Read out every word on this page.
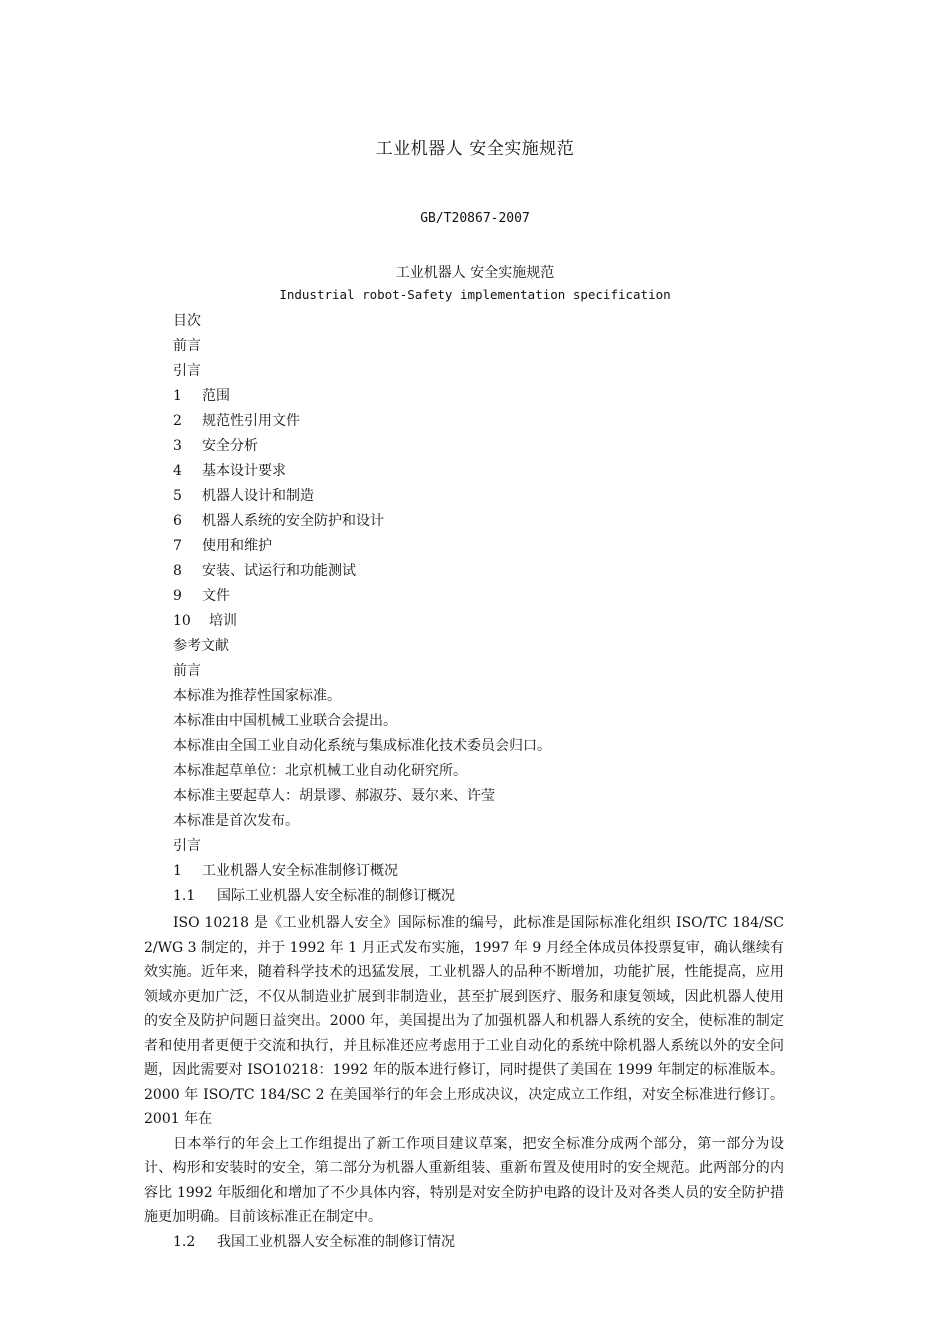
工业机器人 安全实施规范
GB/T20867-2007
工业机器人 安全实施规范
Industrial robot-Safety implementation specification
目次
前言
引言
1 范围
2 规范性引用文件
3 安全分析
4 基本设计要求
5 机器人设计和制造
6 机器人系统的安全防护和设计
7 使用和维护
8 安装、试运行和功能测试
9 文件
10 培训
参考文献
前言
本标准为推荐性国家标准。
本标准由中国机械工业联合会提出。
本标准由全国工业自动化系统与集成标准化技术委员会归口。
本标准起草单位：北京机械工业自动化研究所。
本标准主要起草人：胡景谬、郝淑芬、聂尔来、许莹
本标准是首次发布。
引言
1 工业机器人安全标准制修订概况
1.1 国际工业机器人安全标准的制修订概况
ISO 10218 是《工业机器人安全》国际标准的编号，此标准是国际标准化组织 ISO/TC 184/SC 2/WG 3 制定的，并于 1992 年 1 月正式发布实施，1997 年 9 月经全体成员体投票复审，确认继续有效实施。近年来，随着科学技术的迅猛发展，工业机器人的品种不断增加，功能扩展，性能提高，应用领域亦更加广泛，不仅从制造业扩展到非制造业，甚至扩展到医疗、服务和康复领域，因此机器人使用的安全及防护问题日益突出。2000 年，美国提出为了加强机器人和机器人系统的安全，使标准的制定者和使用者更便于交流和执行，并且标准还应考虑用于工业自动化的系统中除机器人系统以外的安全问题，因此需要对 ISO10218：1992 年的版本进行修订，同时提供了美国在 1999 年制定的标准版本。2000 年 ISO/TC 184/SC 2 在美国举行的年会上形成决议，决定成立工作组，对安全标准进行修订。2001 年在
日本举行的年会上工作组提出了新工作项目建议草案，把安全标准分成两个部分，第一部分为设计、构形和安装时的安全，第二部分为机器人重新组装、重新布置及使用时的安全规范。此两部分的内容比 1992 年版细化和增加了不少具体内容，特别是对安全防护电路的设计及对各类人员的安全防护措施更加明确。目前该标准正在制定中。
1.2 我国工业机器人安全标准的制修订情况
